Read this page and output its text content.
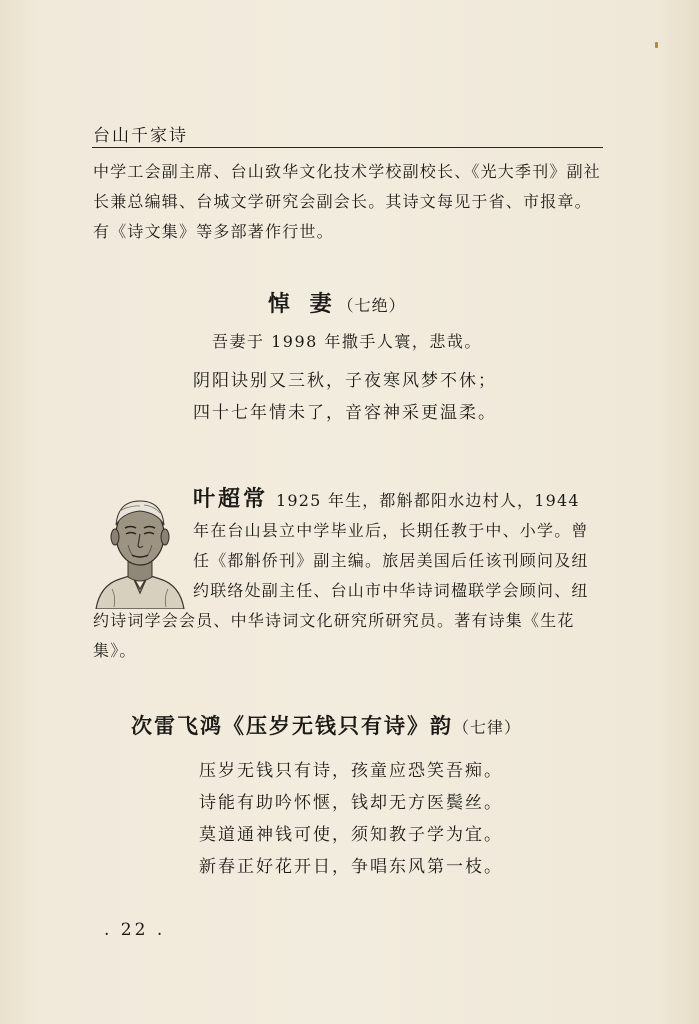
台山千家诗

中学工会副主席、台山致华文化技术学校副校长、《光大季刊》副社长兼总编辑、台城文学研究会副会长。其诗文每见于省、市报章。有《诗文集》等多部著作行世。

悼 妻（七绝）
吾妻于 1998 年撒手人寰，悲哉。
阴阳诀别又三秋，子夜寒风梦不休；
四十七年情未了，音容神采更温柔。
叶超常 1925 年生，都斛都阳水边村人，1944 年在台山县立中学毕业后，长期任教于中、小学。曾任《都斛侨刊》副主编。旅居美国后任该刊顾问及纽约联络处副主任、台山市中华诗词楹联学会顾问、纽约诗词学会会员、中华诗词文化研究所研究员。著有诗集《生花集》。
次雷飞鸿《压岁无钱只有诗》韵（七律）
压岁无钱只有诗，孩童应恐笑吾痴。
诗能有助吟怀惬，钱却无方医鬓丝。
莫道通神钱可使，须知教子学为宜。
新春正好花开日，争唱东风第一枝。
. 22 .
